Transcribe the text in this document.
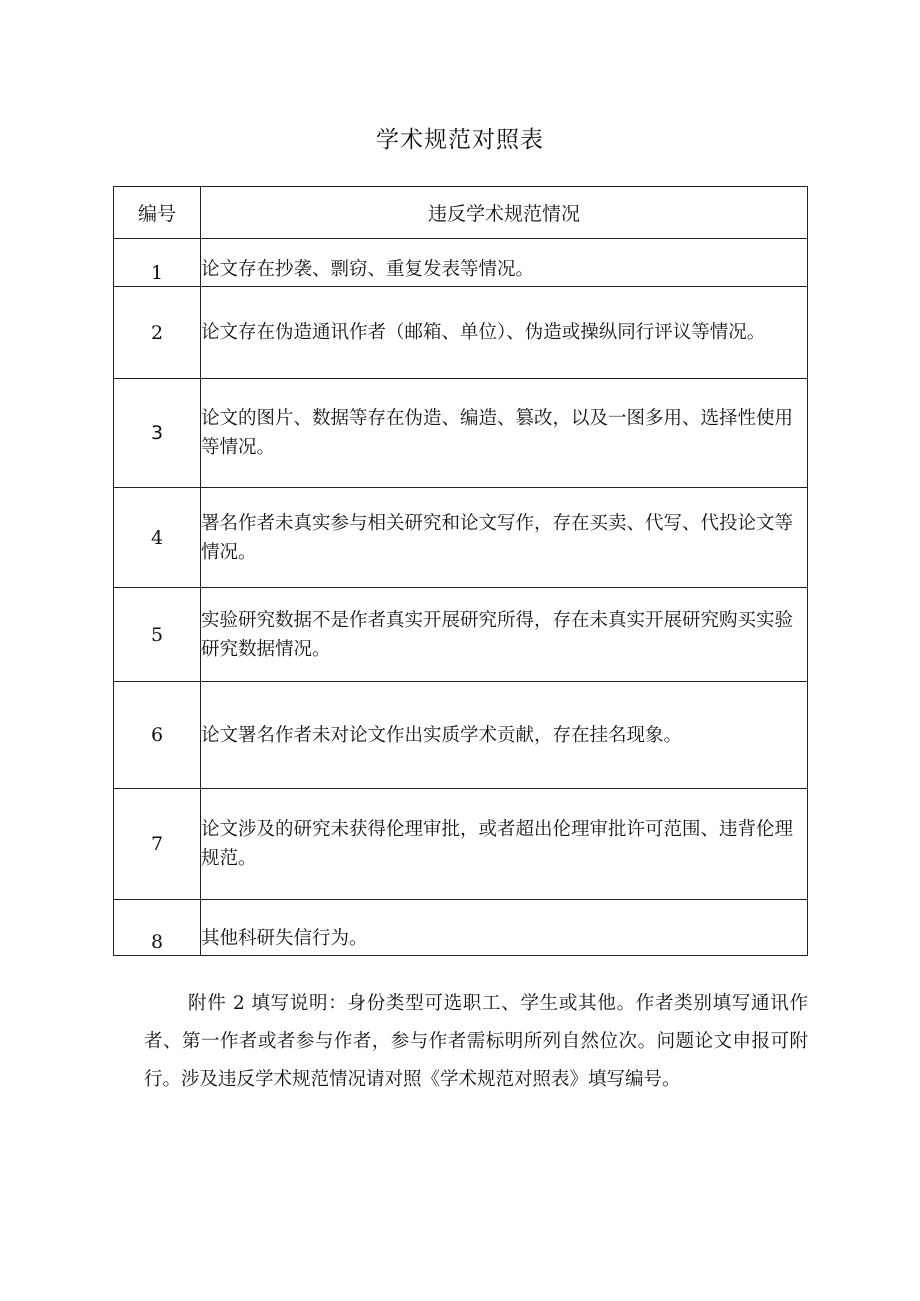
学术规范对照表
编号	违反学术规范情况
1	论文存在抄袭、剽窃、重复发表等情况。
2	论文存在伪造通讯作者（邮箱、单位）、伪造或操纵同行评议等情况。
3	论文的图片、数据等存在伪造、编造、篡改，以及一图多用、选择性使用等情况。
4	署名作者未真实参与相关研究和论文写作，存在买卖、代写、代投论文等情况。
5	实验研究数据不是作者真实开展研究所得，存在未真实开展研究购买实验研究数据情况。
6	论文署名作者未对论文作出实质学术贡献，存在挂名现象。
7	论文涉及的研究未获得伦理审批，或者超出伦理审批许可范围、违背伦理规范。
8	其他科研失信行为。

附件 2 填写说明：身份类型可选职工、学生或其他。作者类别填写通讯作者、第一作者或者参与作者，参与作者需标明所列自然位次。问题论文申报可附行。涉及违反学术规范情况请对照《学术规范对照表》填写编号。
